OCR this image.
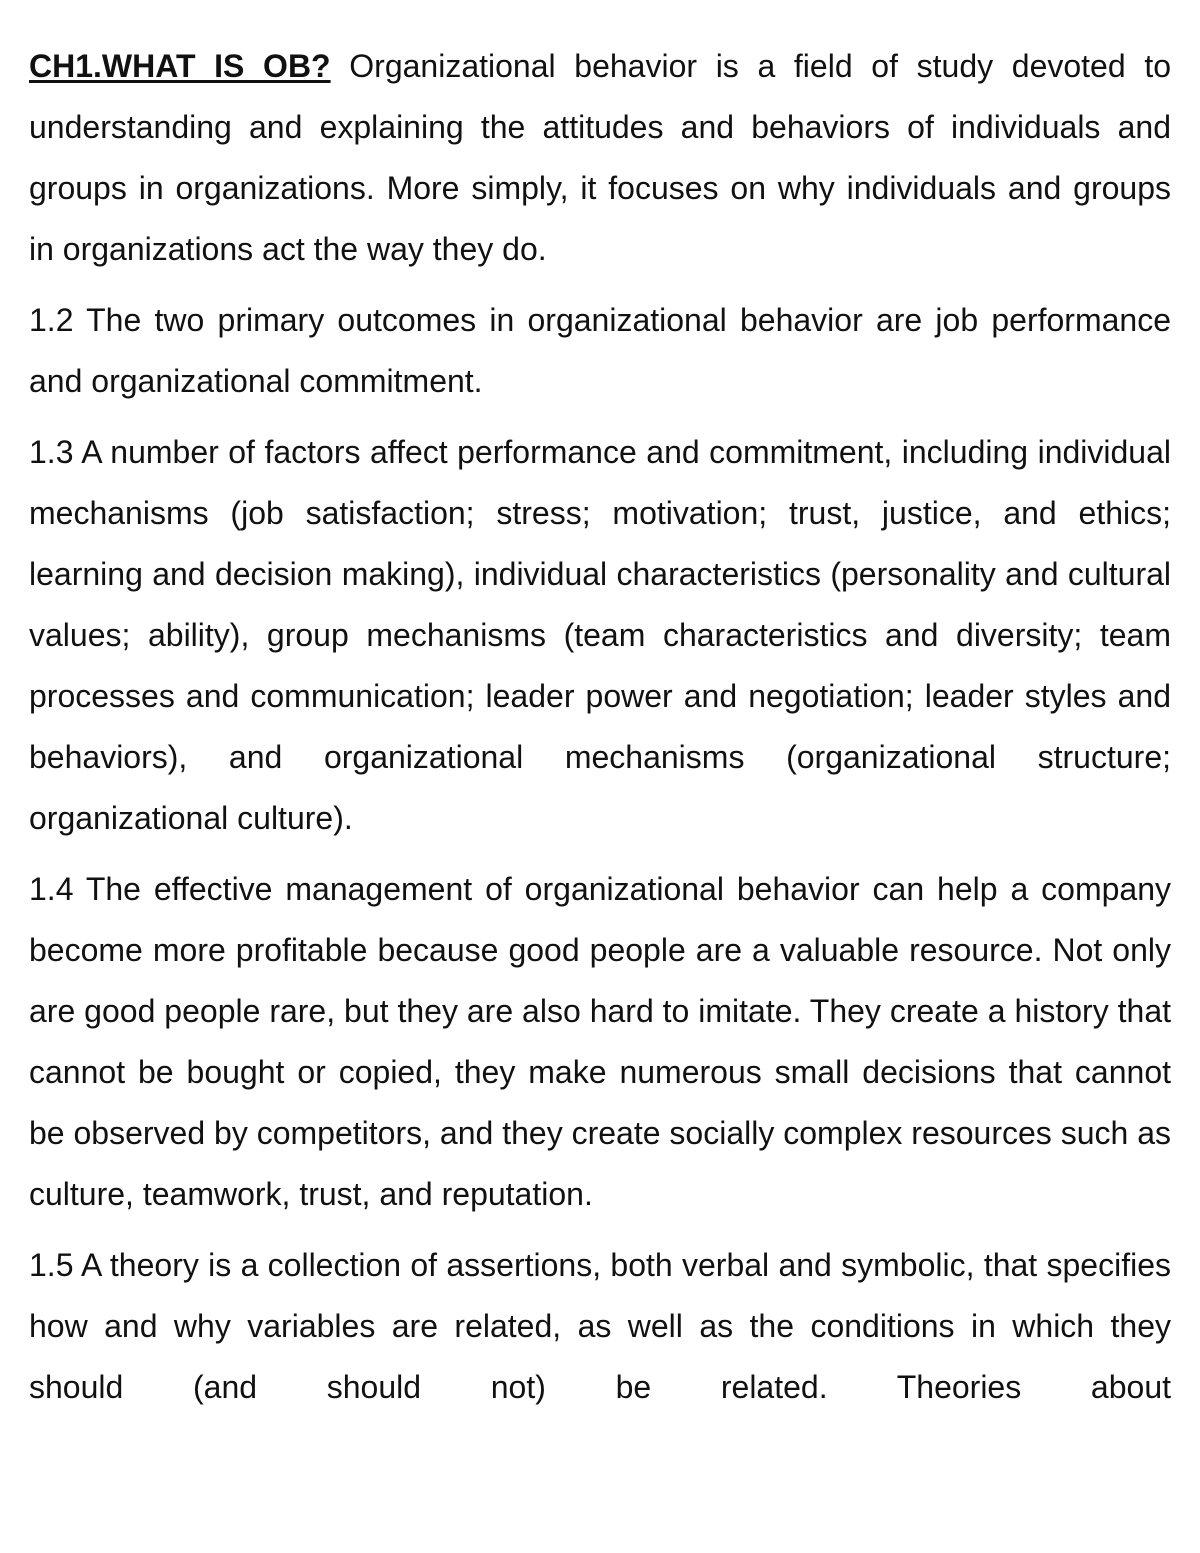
CH1.WHAT IS OB? Organizational behavior is a field of study devoted to understanding and explaining the attitudes and behaviors of individuals and groups in organizations. More simply, it focuses on why individuals and groups in organizations act the way they do.

1.2 The two primary outcomes in organizational behavior are job performance and organizational commitment.

1.3 A number of factors affect performance and commitment, including individual mechanisms (job satisfaction; stress; motivation; trust, justice, and ethics; learning and decision making), individual characteristics (personality and cultural values; ability), group mechanisms (team characteristics and diversity; team processes and communication; leader power and negotiation; leader styles and behaviors), and organizational mechanisms (organizational structure; organizational culture).

1.4 The effective management of organizational behavior can help a company become more profitable because good people are a valuable resource. Not only are good people rare, but they are also hard to imitate. They create a history that cannot be bought or copied, they make numerous small decisions that cannot be observed by competitors, and they create socially complex resources such as culture, teamwork, trust, and reputation.

1.5 A theory is a collection of assertions, both verbal and symbolic, that specifies how and why variables are related, as well as the conditions in which they should (and should not) be related. Theories about
